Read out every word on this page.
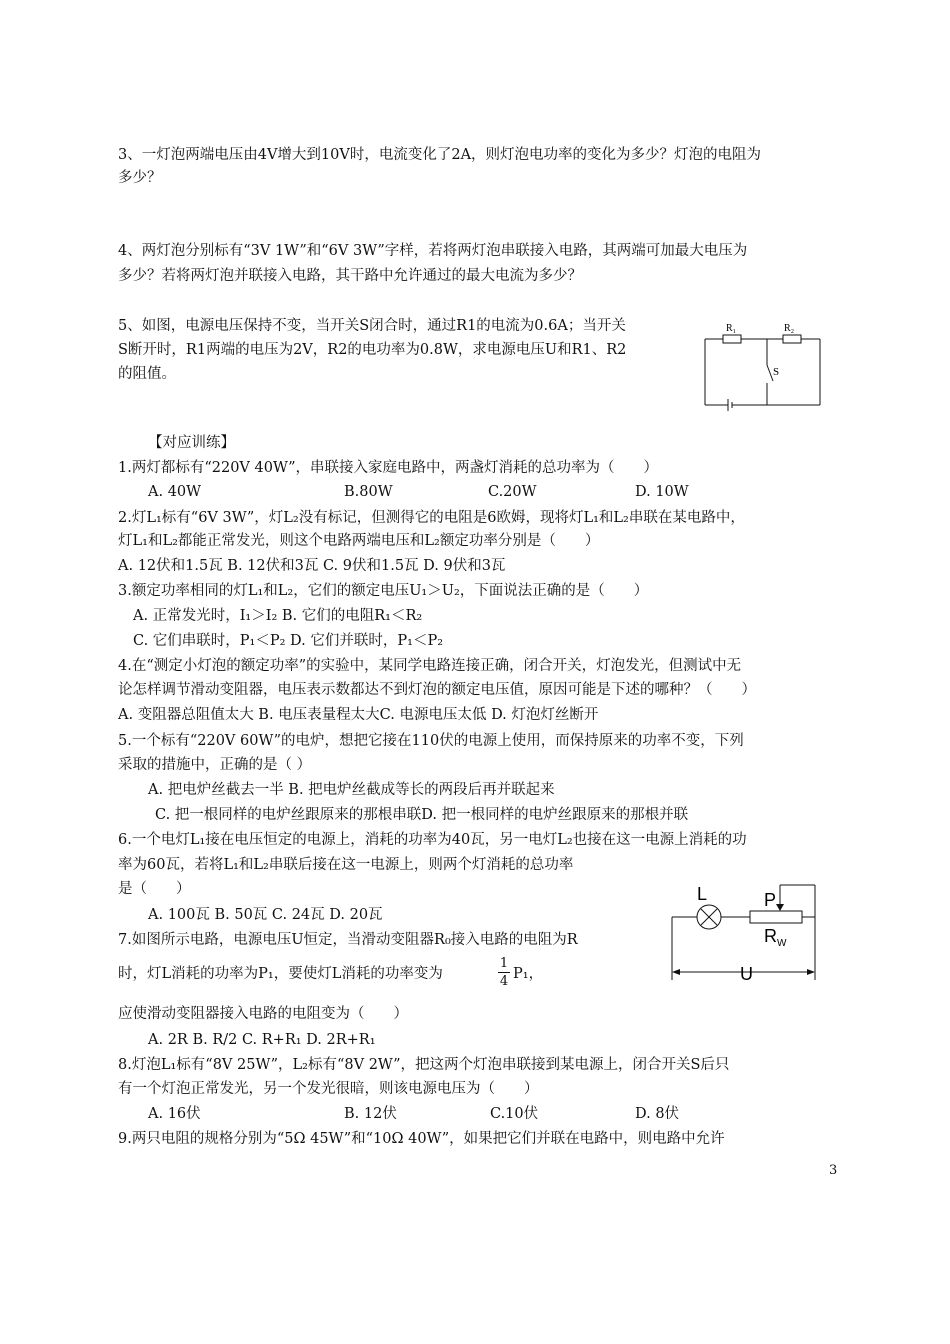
3、一灯泡两端电压由4V增大到10V时，电流变化了2A，则灯泡电功率的变化为多少？灯泡的电阻为
多少？
4、两灯泡分别标有“3V 1W”和“6V 3W”字样，若将两灯泡串联接入电路，其两端可加最大电压为
多少？若将两灯泡并联接入电路，其干路中允许通过的最大电流为多少？
5、如图，电源电压保持不变，当开关S闭合时，通过R1的电流为0.6A；当开关
S断开时，R1两端的电压为2V，R2的电功率为0.8W，求电源电压U和R1、R2
的阻值。
R₁	R₂
S
【对应训练】
1.两灯都标有“220V 40W”，串联接入家庭电路中，两盏灯消耗的总功率为（　　）
A. 40W	B.80W	C.20W	D. 10W
2.灯L₁标有“6V 3W”，灯L₂没有标记，但测得它的电阻是6欧姆，现将灯L₁和L₂串联在某电路中，
灯L₁和L₂都能正常发光，则这个电路两端电压和L₂额定功率分别是（　　）
A. 12伏和1.5瓦 B. 12伏和3瓦 C. 9伏和1.5瓦 D. 9伏和3瓦
3.额定功率相同的灯L₁和L₂，它们的额定电压U₁＞U₂，下面说法正确的是（　　）
A. 正常发光时，I₁＞I₂ B. 它们的电阻R₁＜R₂
C. 它们串联时，P₁＜P₂ D. 它们并联时，P₁＜P₂
4.在“测定小灯泡的额定功率”的实验中，某同学电路连接正确，闭合开关，灯泡发光，但测试中无
论怎样调节滑动变阻器，电压表示数都达不到灯泡的额定电压值，原因可能是下述的哪种？（　　）
A. 变阻器总阻值太大 B. 电压表量程太大C. 电源电压太低 D. 灯泡灯丝断开
5.一个标有“220V 60W”的电炉，想把它接在110伏的电源上使用，而保持原来的功率不变，下列
采取的措施中，正确的是（ ）
A. 把电炉丝截去一半 B. 把电炉丝截成等长的两段后再并联起来
C. 把一根同样的电炉丝跟原来的那根串联D. 把一根同样的电炉丝跟原来的那根并联
6.一个电灯L₁接在电压恒定的电源上，消耗的功率为40瓦，另一电灯L₂也接在这一电源上消耗的功
率为60瓦，若将L₁和L₂串联后接在这一电源上，则两个灯消耗的总功率
是（　　）
A. 100瓦 B. 50瓦 C. 24瓦 D. 20瓦
7.如图所示电路，电源电压U恒定，当滑动变阻器R₀接入电路的电阻为R
时，灯L消耗的功率为P₁，要使灯L消耗的功率变为
1
4 P₁，
应使滑动变阻器接入电路的电阻变为（　　）
A. 2R B. R/2 C. R+R₁ D. 2R+R₁
L	P
$R_W$
U
8.灯泡L₁标有“8V 25W”，L₂标有“8V 2W”，把这两个灯泡串联接到某电源上，闭合开关S后只
有一个灯泡正常发光，另一个发光很暗，则该电源电压为（　　）
A. 16伏	B. 12伏	C.10伏	D. 8伏
9.两只电阻的规格分别为“5Ω 45W”和“10Ω 40W”，如果把它们并联在电路中，则电路中允许
3
